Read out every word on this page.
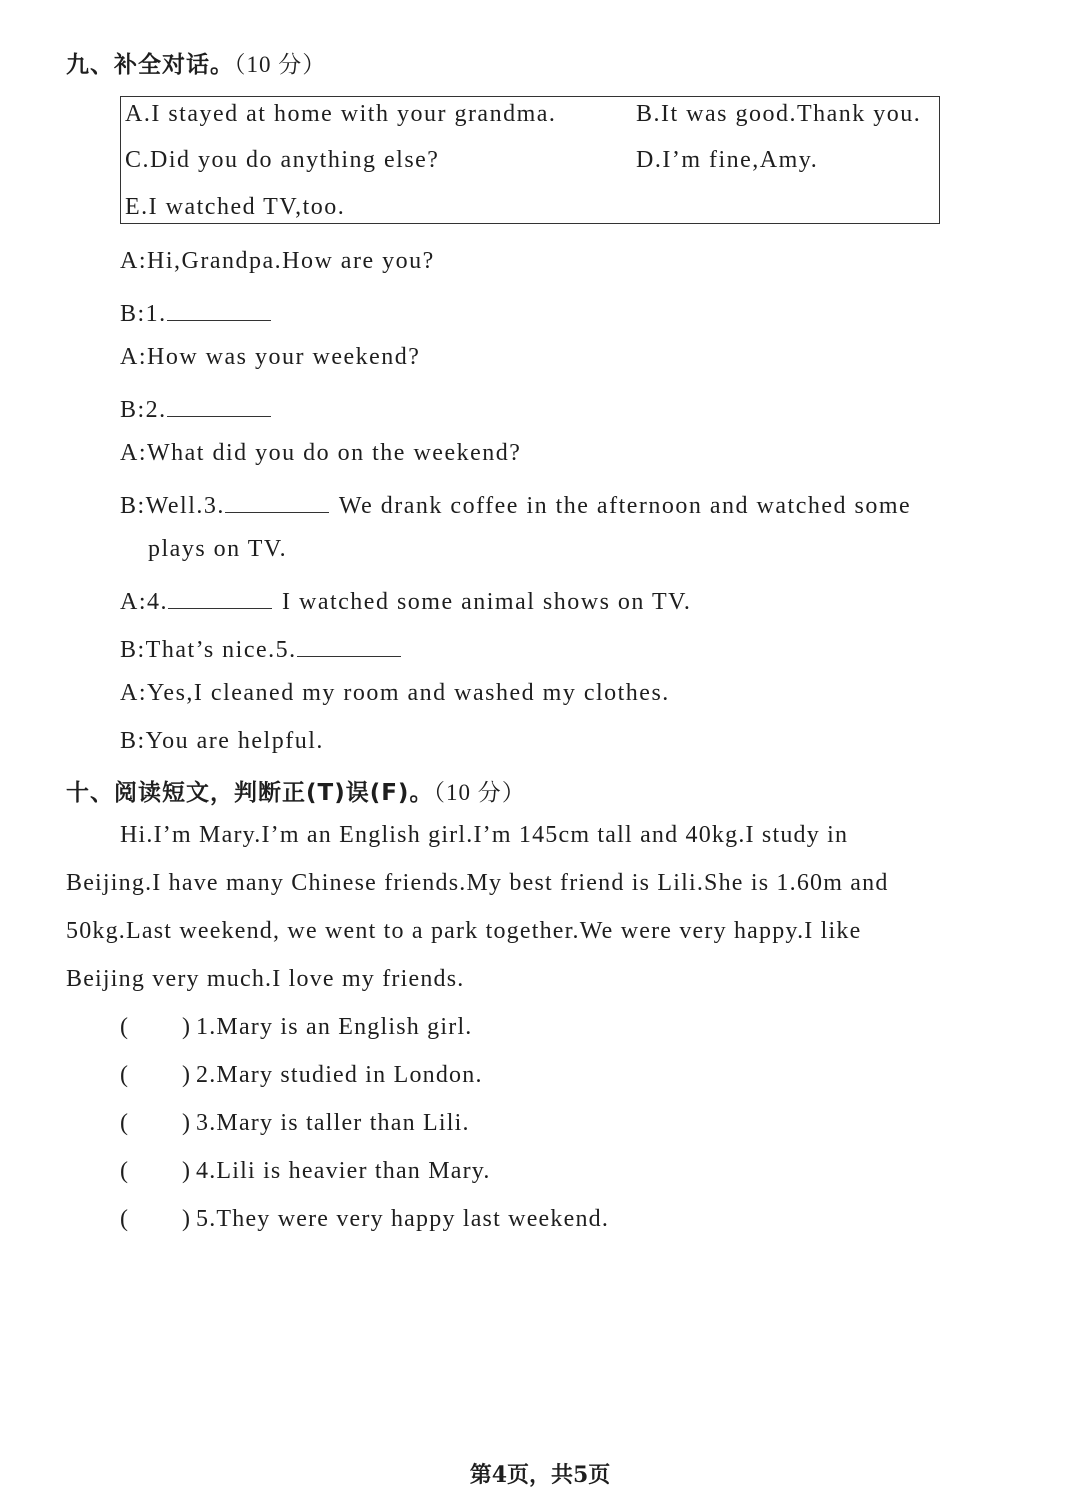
九、补全对话。（10 分）
A.I stayed at home with your grandma.	B.It was good.Thank you.
C.Did you do anything else?	D.I’m fine,Amy.
E.I watched TV,too.
A:Hi,Grandpa.How are you?
B:1.
A:How was your weekend?
B:2.
A:What did you do on the weekend?
B:Well.3.	We drank coffee in the afternoon and watched some
plays on TV.
A:4.	I watched some animal shows on TV.
B:That’s nice.5.
A:Yes,I cleaned my room and washed my clothes.
B:You are helpful.
十、阅读短文，判断正(T)误(F)。（10 分）
Hi.I’m Mary.I’m an English girl.I’m 145cm tall and 40kg.I study in
Beijing.I have many Chinese friends.My best friend is Lili.She is 1.60m and
50kg.Last weekend, we went to a park together.We were very happy.I like
Beijing very much.I love my friends.
( ) 1.Mary is an English girl.
( ) 2.Mary studied in London.
( ) 3.Mary is taller than Lili.
( ) 4.Lili is heavier than Mary.
( ) 5.They were very happy last weekend.
第4页，共5页
